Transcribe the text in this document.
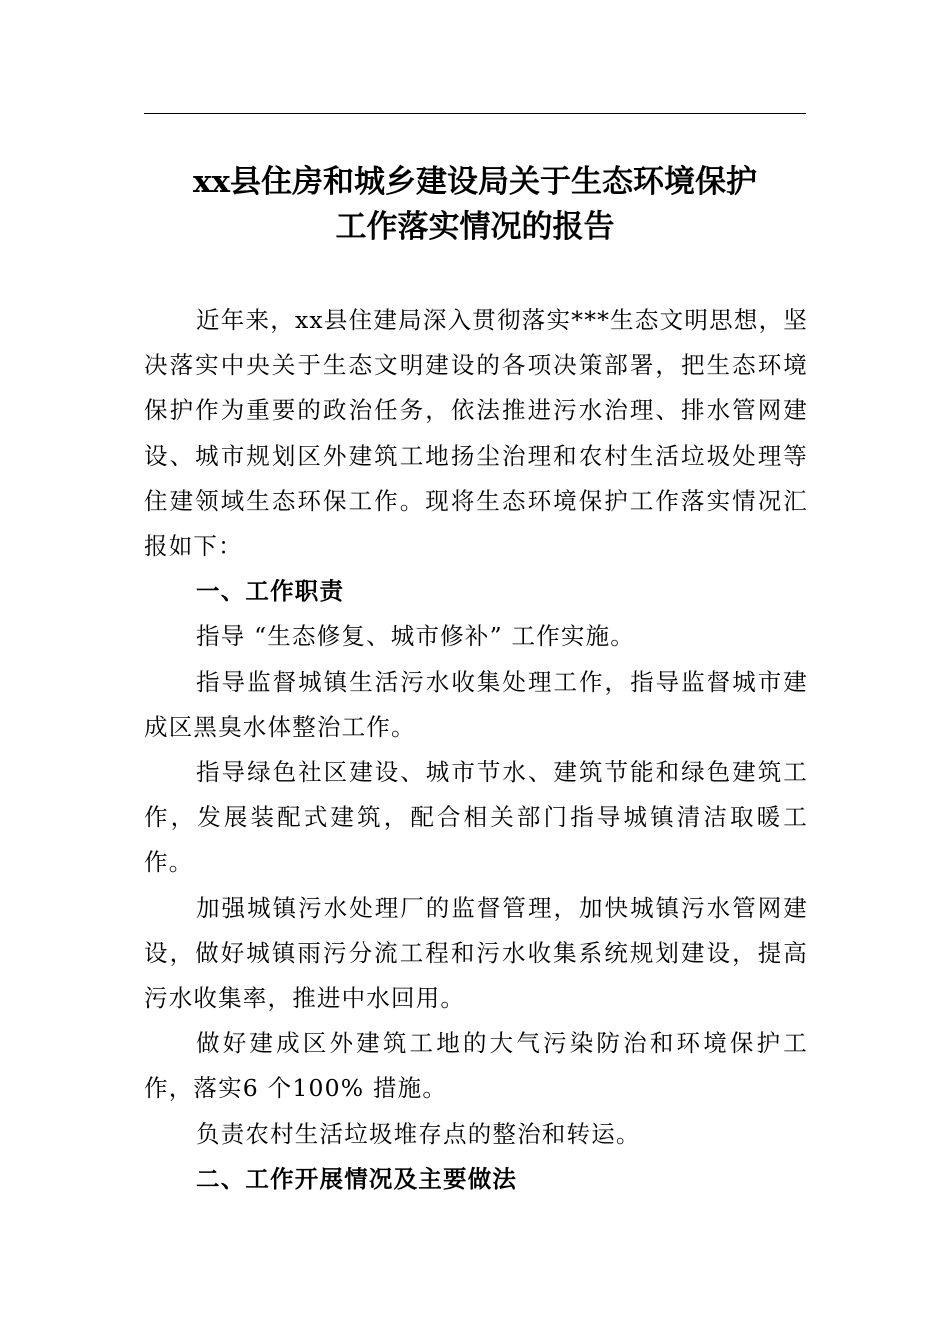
xx县住房和城乡建设局关于生态环境保护
工作落实情况的报告

近年来，xx县住建局深入贯彻落实***生态文明思想，坚决落实中央关于生态文明建设的各项决策部署，把生态环境保护作为重要的政治任务，依法推进污水治理、排水管网建设、城市规划区外建筑工地扬尘治理和农村生活垃圾处理等住建领域生态环保工作。现将生态环境保护工作落实情况汇报如下：

一、工作职责

指导 “生态修复、城市修补” 工作实施。

指导监督城镇生活污水收集处理工作，指导监督城市建成区黑臭水体整治工作。

指导绿色社区建设、城市节水、建筑节能和绿色建筑工作，发展装配式建筑，配合相关部门指导城镇清洁取暖工作。

加强城镇污水处理厂的监督管理，加快城镇污水管网建设，做好城镇雨污分流工程和污水收集系统规划建设，提高污水收集率，推进中水回用。

做好建成区外建筑工地的大气污染防治和环境保护工作，落实6 个100% 措施。

负责农村生活垃圾堆存点的整治和转运。

二、工作开展情况及主要做法
